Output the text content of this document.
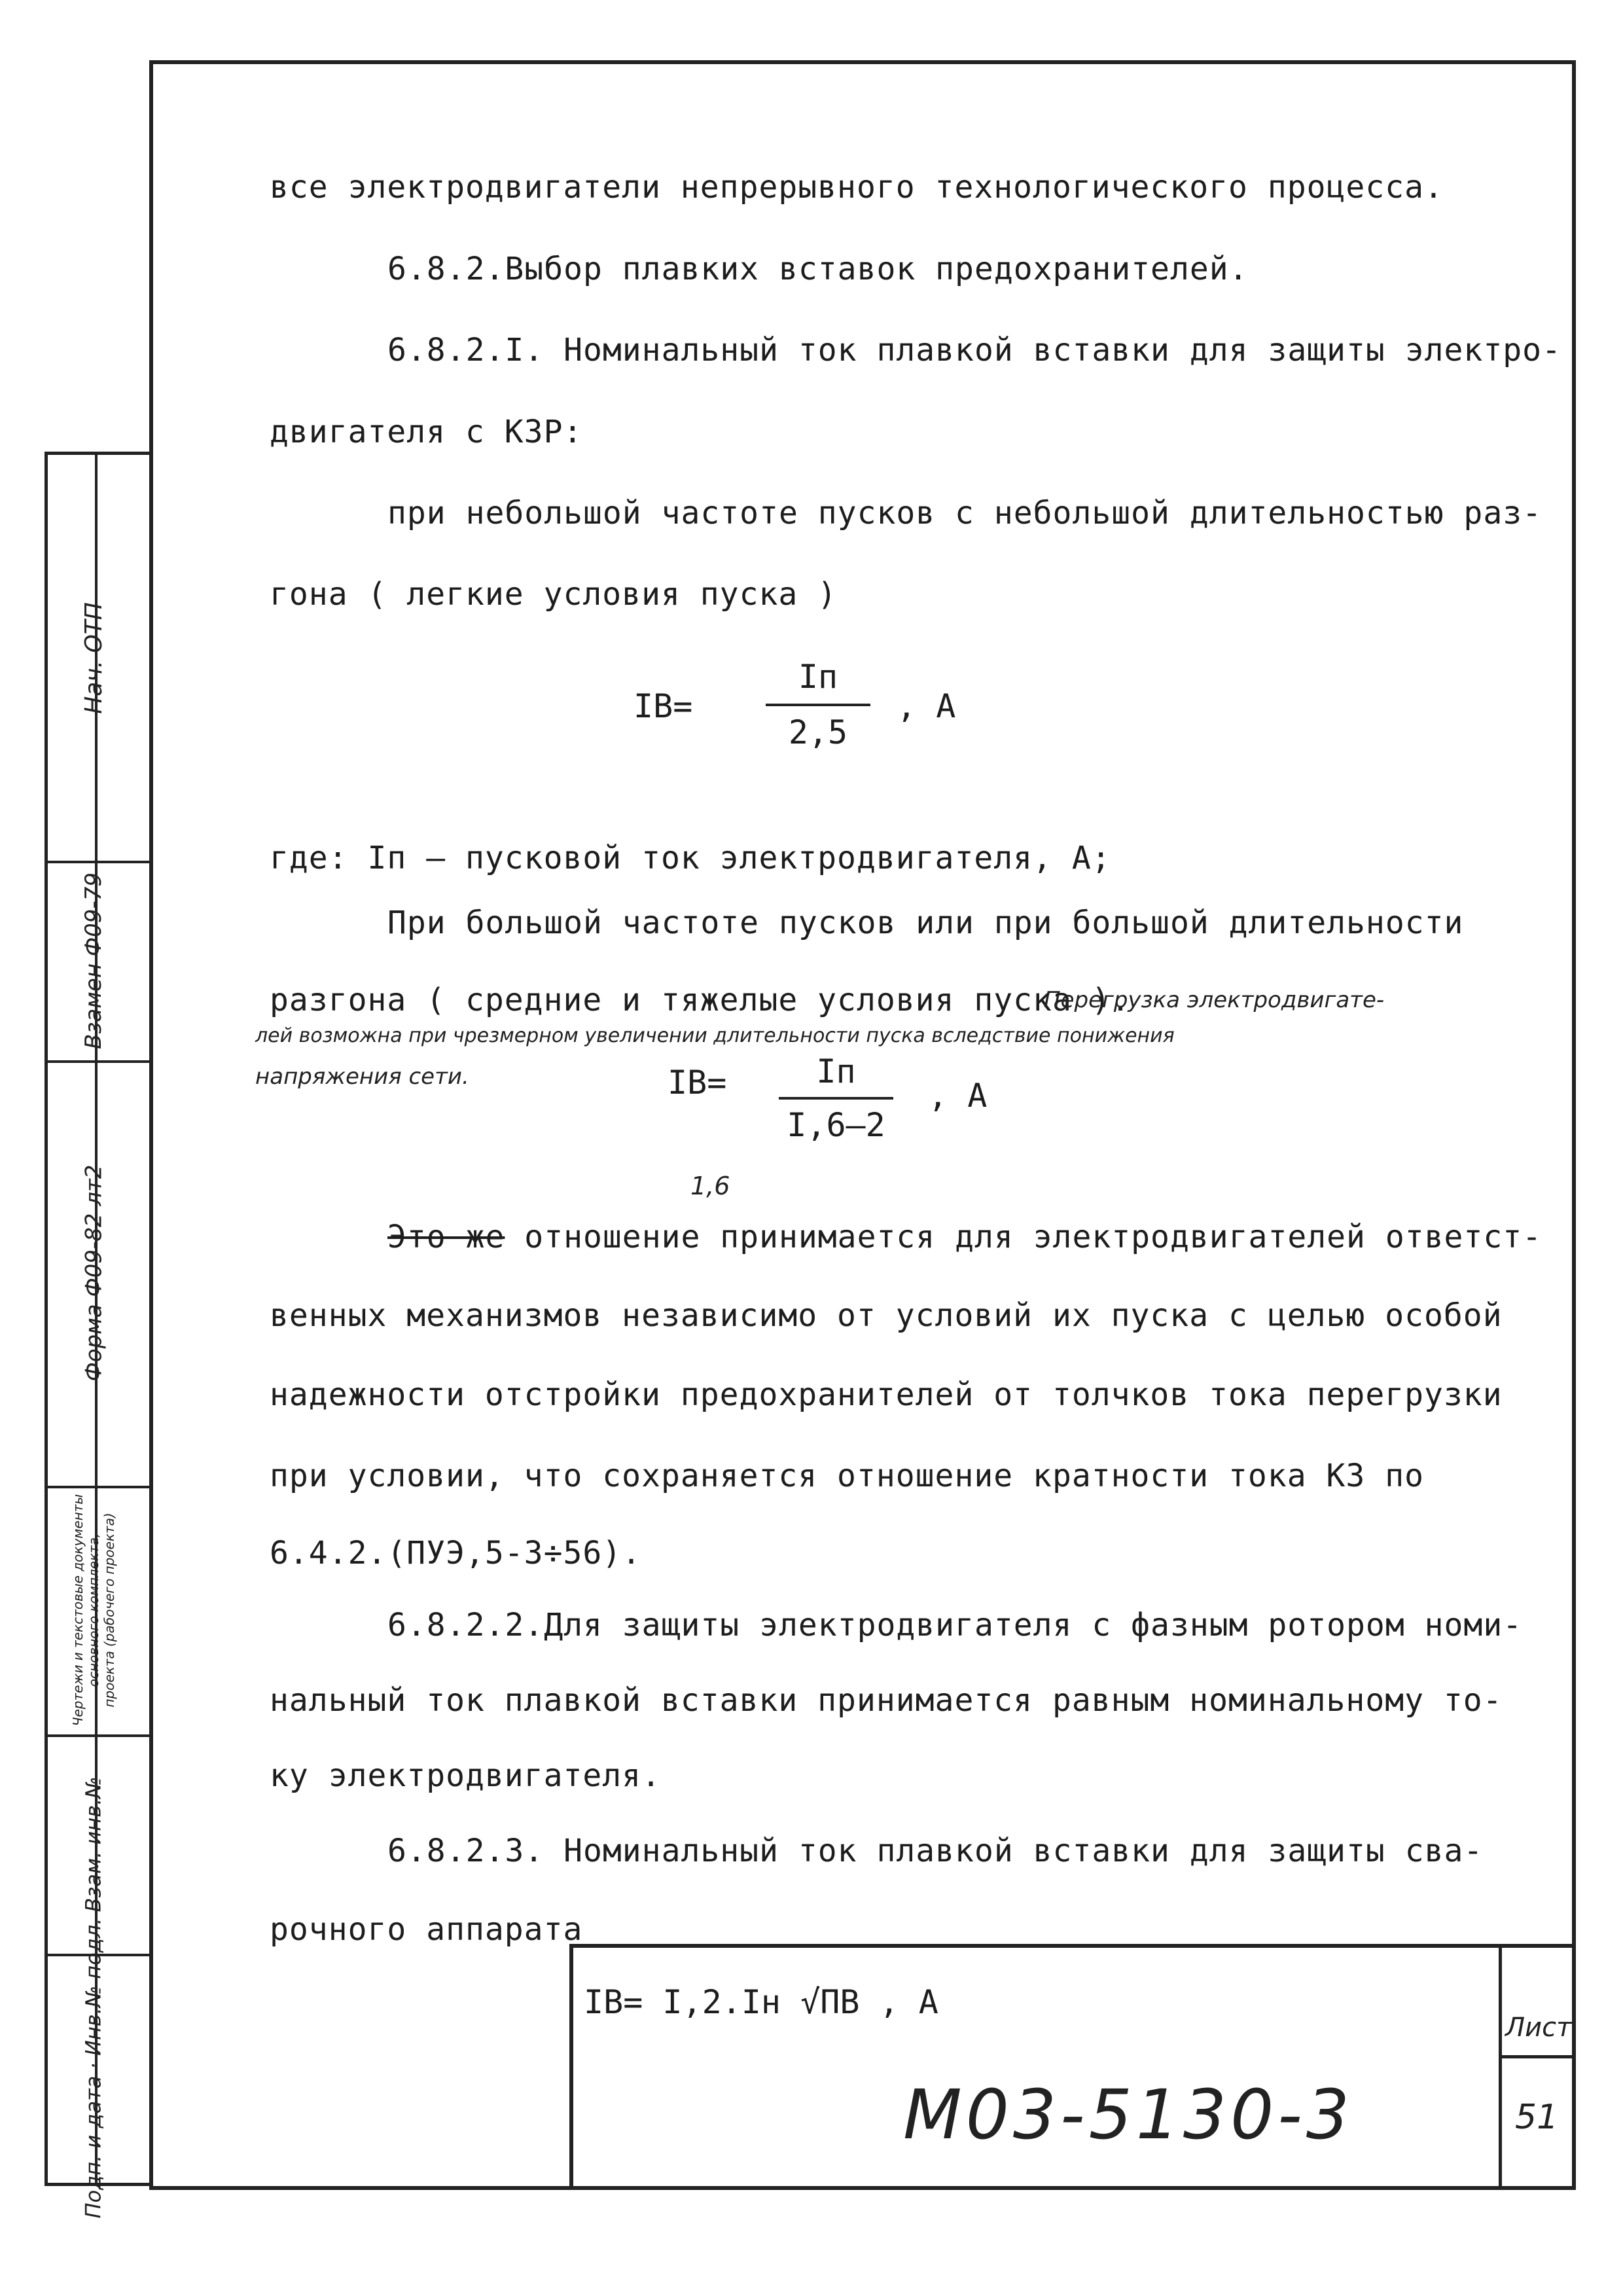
Нач. ОТП
Взамен Ф09-79
Форма Ф09-82 лт2
Чертежи и текстовые документы основного комплекта, проекта (рабочего проекта)
Взам. инв.№
Подп. и дата · Инв.№ подл.
все электродвигатели непрерывного технологического процесса.
6.8.2.Выбор плавких вставок предохранителей.
6.8.2.I. Номинальный ток плавкой вставки для защиты электро-
двигателя с КЗР:
при небольшой частоте пусков с небольшой длительностью раз-
гона ( легкие условия пуска )
IB=
Iп
2,5
, А
где: Iп – пусковой ток электродвигателя, А;
При большой частоте пусков или при большой длительности
разгона ( средние и тяжелые условия пуска ).
Перегрузка электродвигате-
лей возможна при чрезмерном увеличении длительности пуска вследствие понижения
напряжения сети.	IB=	Iп
I,6–2
, А
1,6
Это же отношение принимается для электродвигателей ответст-
венных механизмов независимо от условий их пуска с целью особой
надежности отстройки предохранителей от толчков тока перегрузки
при условии, что сохраняется отношение кратности тока КЗ по
6.4.2.(ПУЭ,5-3÷56).
6.8.2.2.Для защиты электродвигателя с фазным ротором номи-
нальный ток плавкой вставки принимается равным номинальному то-
ку электродвигателя.
6.8.2.3. Номинальный ток плавкой вставки для защиты сва-
рочного аппарата
IB= I,2.Iн √ПВ , А
М03-5130-3
Лист
51
